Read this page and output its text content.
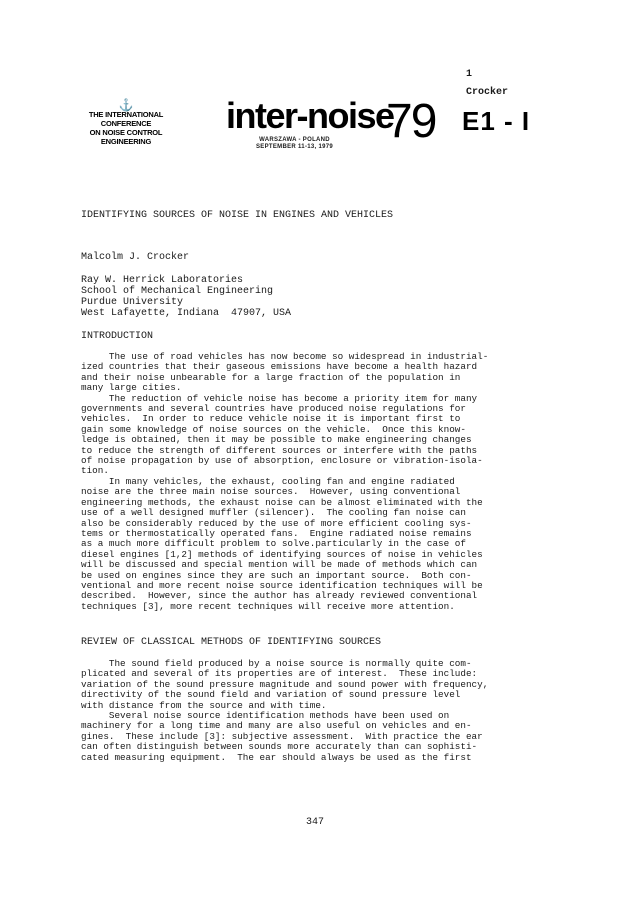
1
Crocker
⚓
THE INTERNATIONAL
CONFERENCE
ON NOISE CONTROL
ENGINEERING
inter-noise
79
WARSZAWA - POLAND
SEPTEMBER 11-13, 1979
E1 - I
IDENTIFYING SOURCES OF NOISE IN ENGINES AND VEHICLES
Malcolm J. Crocker
Ray W. Herrick Laboratories
School of Mechanical Engineering
Purdue University
West Lafayette, Indiana  47907, USA
INTRODUCTION

The use of road vehicles has now become so widespread in industrial-

ized countries that their gaseous emissions have become a health hazard

and their noise unbearable for a large fraction of the population in

many large cities.

The reduction of vehicle noise has become a priority item for many

governments and several countries have produced noise regulations for

vehicles.  In order to reduce vehicle noise it is important first to

gain some knowledge of noise sources on the vehicle.  Once this know-

ledge is obtained, then it may be possible to make engineering changes

to reduce the strength of different sources or interfere with the paths

of noise propagation by use of absorption, enclosure or vibration-isola-

tion.

In many vehicles, the exhaust, cooling fan and engine radiated

noise are the three main noise sources.  However, using conventional

engineering methods, the exhaust noise can be almost eliminated with the

use of a well designed muffler (silencer).  The cooling fan noise can

also be considerably reduced by the use of more efficient cooling sys-

tems or thermostatically operated fans.  Engine radiated noise remains

as a much more difficult problem to solve.particularly in the case of

diesel engines [1,2] methods of identifying sources of noise in vehicles

will be discussed and special mention will be made of methods which can

be used on engines since they are such an important source.  Both con-

ventional and more recent noise source identification techniques will be

described.  However, since the author has already reviewed conventional

techniques [3], more recent techniques will receive more attention.

REVIEW OF CLASSICAL METHODS OF IDENTIFYING SOURCES

The sound field produced by a noise source is normally quite com-

plicated and several of its properties are of interest.  These include:

variation of the sound pressure magnitude and sound power with frequency,

directivity of the sound field and variation of sound pressure level

with distance from the source and with time.

Several noise source identification methods have been used on

machinery for a long time and many are also useful on vehicles and en-

gines.  These include [3]: subjective assessment.  With practice the ear

can often distinguish between sounds more accurately than can sophisti-

cated measuring equipment.  The ear should always be used as the first

347
